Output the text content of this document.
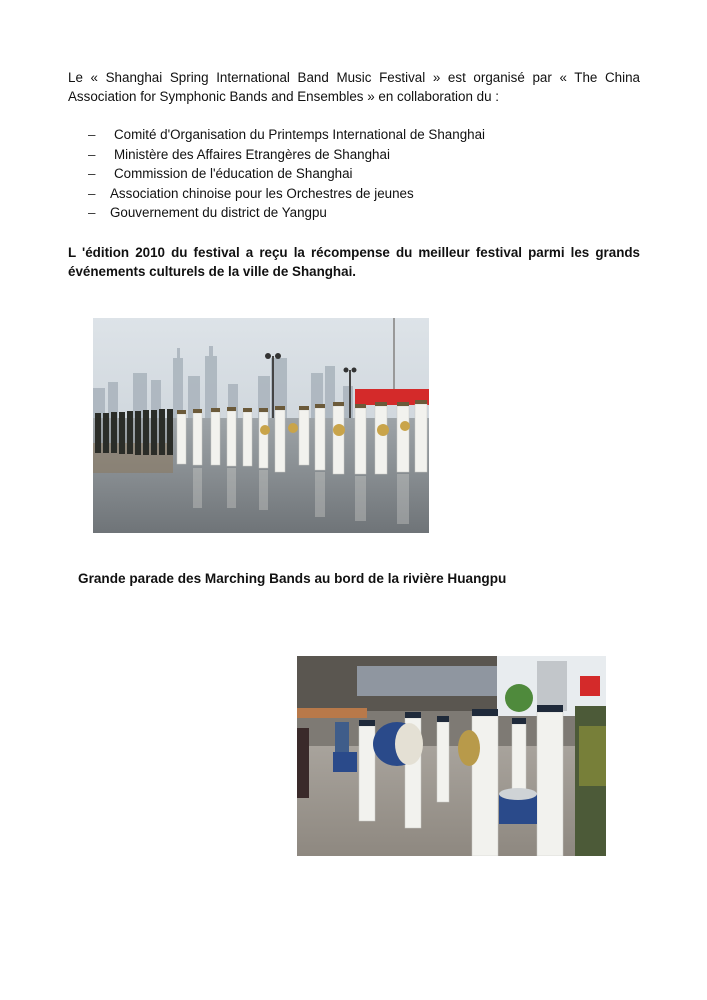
Le « Shanghai Spring International Band Music Festival » est organisé par « The China Association for Symphonic Bands and Ensembles » en collaboration du :

– Comité d'Organisation du Printemps International de Shanghai
– Ministère des Affaires Etrangères de Shanghai
– Commission de l'éducation de Shanghai
– Association chinoise pour les Orchestres de jeunes
– Gouvernement du district de Yangpu

L 'édition 2010 du festival a reçu la récompense du meilleur festival parmi les grands événements culturels de la ville de Shanghai.

Grande parade des Marching Bands au bord de la rivière Huangpu
